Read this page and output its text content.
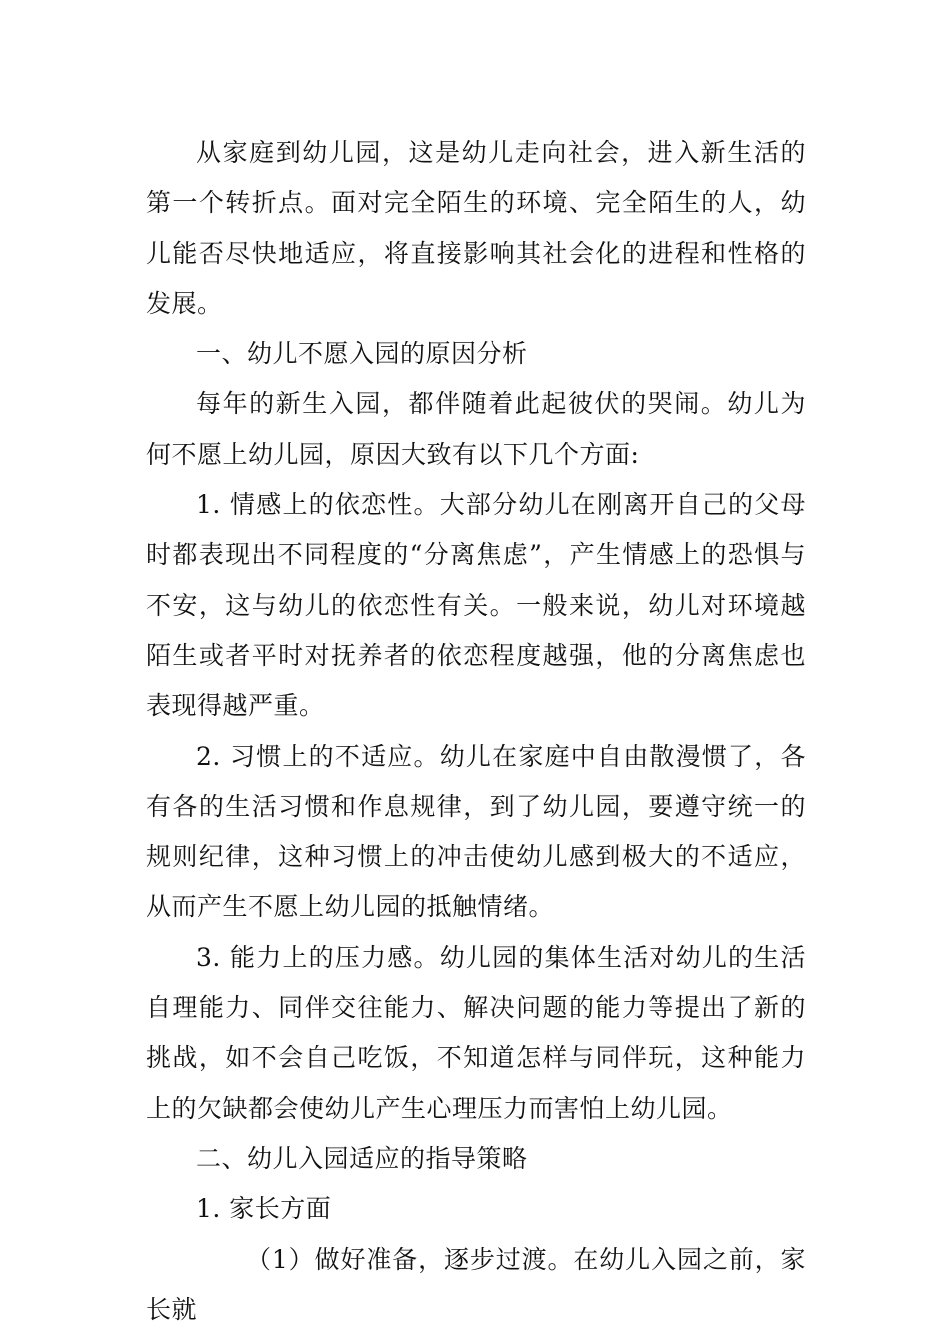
从家庭到幼儿园，这是幼儿走向社会，进入新生活的第一个转折点。面对完全陌生的环境、完全陌生的人，幼儿能否尽快地适应，将直接影响其社会化的进程和性格的发展。

一、幼儿不愿入园的原因分析

每年的新生入园，都伴随着此起彼伏的哭闹。幼儿为何不愿上幼儿园，原因大致有以下几个方面:

1. 情感上的依恋性。大部分幼儿在刚离开自己的父母时都表现出不同程度的“分离焦虑”，产生情感上的恐惧与不安，这与幼儿的依恋性有关。一般来说，幼儿对环境越陌生或者平时对抚养者的依恋程度越强，他的分离焦虑也表现得越严重。

2. 习惯上的不适应。幼儿在家庭中自由散漫惯了，各有各的生活习惯和作息规律，到了幼儿园，要遵守统一的规则纪律，这种习惯上的冲击使幼儿感到极大的不适应，从而产生不愿上幼儿园的抵触情绪。

3. 能力上的压力感。幼儿园的集体生活对幼儿的生活自理能力、同伴交往能力、解决问题的能力等提出了新的挑战，如不会自己吃饭，不知道怎样与同伴玩，这种能力上的欠缺都会使幼儿产生心理压力而害怕上幼儿园。

二、幼儿入园适应的指导策略

1. 家长方面

（1）做好准备，逐步过渡。在幼儿入园之前，家长就
